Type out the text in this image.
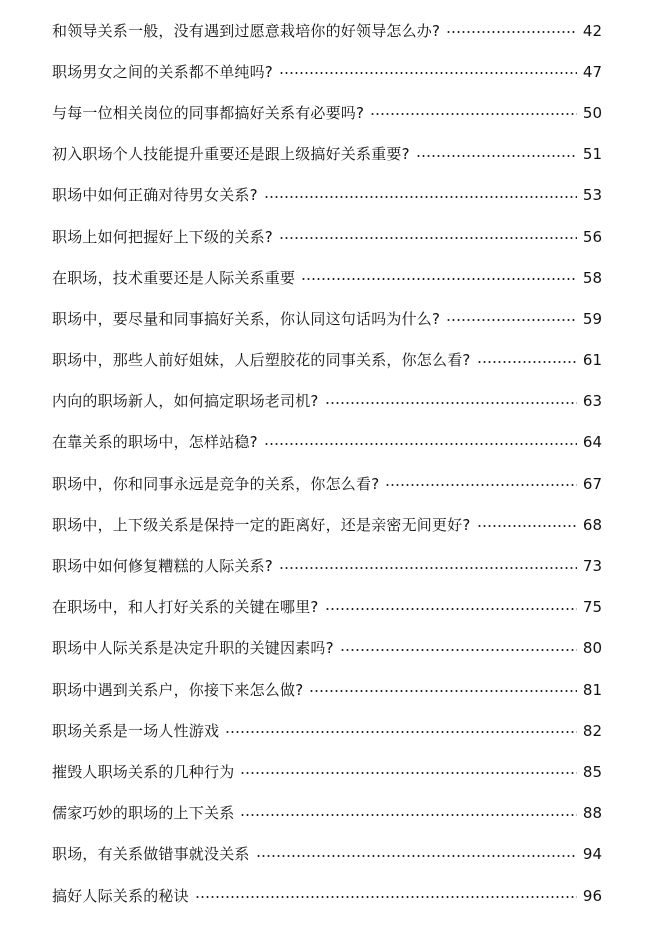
和领导关系一般，没有遇到过愿意栽培你的好领导怎么办?	42
职场男女之间的关系都不单纯吗?	47
与每一位相关岗位的同事都搞好关系有必要吗?	50
初入职场个人技能提升重要还是跟上级搞好关系重要?	51
职场中如何正确对待男女关系?	53
职场上如何把握好上下级的关系?	56
在职场，技术重要还是人际关系重要	58
职场中，要尽量和同事搞好关系，你认同这句话吗为什么?	59
职场中，那些人前好姐妹，人后塑胶花的同事关系，你怎么看?	61
内向的职场新人，如何搞定职场老司机?	63
在靠关系的职场中，怎样站稳?	64
职场中，你和同事永远是竞争的关系，你怎么看?	67
职场中，上下级关系是保持一定的距离好，还是亲密无间更好?	68
职场中如何修复糟糕的人际关系?	73
在职场中，和人打好关系的关键在哪里?	75
职场中人际关系是决定升职的关键因素吗?	80
职场中遇到关系户，你接下来怎么做?	81
职场关系是一场人性游戏	82
摧毁人职场关系的几种行为	85
儒家巧妙的职场的上下关系	88
职场，有关系做错事就没关系	94
搞好人际关系的秘诀	96
